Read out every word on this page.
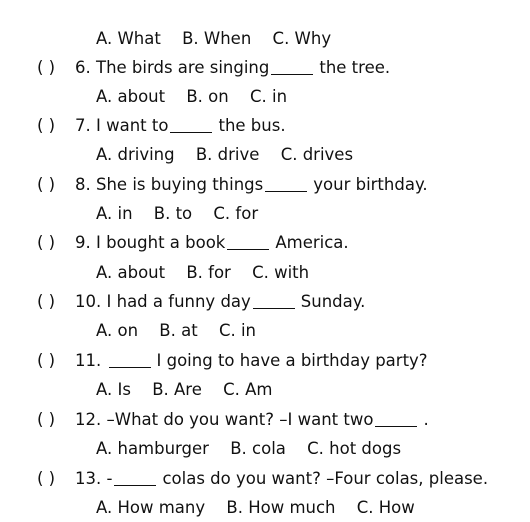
A. What B. When C. Why
( ) 6. The birds are singing	the tree.
A. about B. on C. in
( ) 7. I want to	the bus.
A. driving B. drive C. drives
( ) 8. She is buying things	your birthday.
A. in B. to C. for
( ) 9. I bought a book	America.
A. about B. for C. with
( ) 10. I had a funny day	Sunday.
A. on B. at C. in
( ) 11.	I going to have a birthday party?
A. Is B. Are C. Am
( ) 12. –What do you want? –I want two	.
A. hamburger B. cola C. hot dogs
( ) 13. -	colas do you want? –Four colas, please.
A. How many B. How much C. How
